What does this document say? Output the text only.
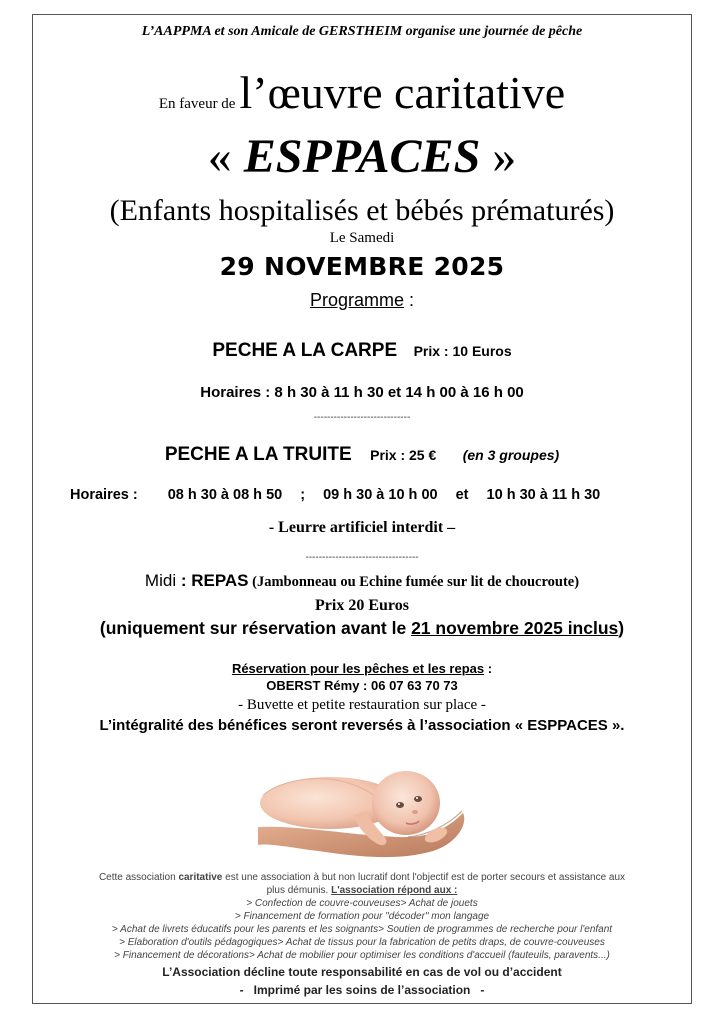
L’AAPPMA et son Amicale de GERSTHEIM organise une journée de pêche
En faveur de l’œuvre caritative
« ESPPACES »
(Enfants hospitalisés et bébés prématurés)
Le Samedi
29 NOVEMBRE 2025
Programme :
PECHE A LA CARPE Prix : 10 Euros
Horaires : 8 h 30 à 11 h 30 et 14 h 00 à 16 h 00
-----------------------------
PECHE A LA TRUITE Prix : 25 € (en 3 groupes)
Horaires : 08 h 30 à 08 h 50 ; 09 h 30 à 10 h 00 et 10 h 30 à 11 h 30
- Leurre artificiel interdit –
----------------------------------
Midi : REPAS (Jambonneau ou Echine fumée sur lit de choucroute)
Prix 20 Euros
(uniquement sur réservation avant le 21 novembre 2025 inclus)
Réservation pour les pêches et les repas :
OBERST Rémy : 06 07 63 70 73
- Buvette et petite restauration sur place -
L’intégralité des bénéfices seront reversés à l’association « ESPPACES ».
Cette association caritative est une association à but non lucratif dont l'objectif est de porter secours et assistance aux
plus démunis. L'association répond aux :
> Confection de couvre-couveuses> Achat de jouets
> Financement de formation pour "décoder" mon langage
> Achat de livrets éducatifs pour les parents et les soignants> Soutien de programmes de recherche pour l'enfant
> Elaboration d'outils pédagogiques> Achat de tissus pour la fabrication de petits draps, de couvre-couveuses
> Financement de décorations> Achat de mobilier pour optimiser les conditions d'accueil (fauteuils, paravents...)
L’Association décline toute responsabilité en cas de vol ou d’accident
-   Imprimé par les soins de l’association   -
